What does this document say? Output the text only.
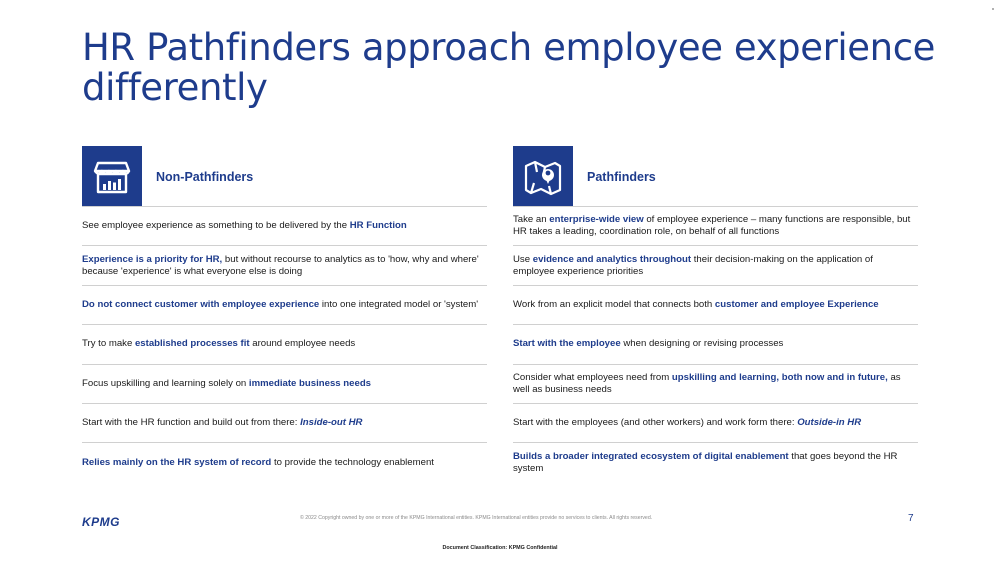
HR Pathfinders approach employee experience differently
Non-Pathfinders
See employee experience as something to be delivered by the HR Function
Experience is a priority for HR, but without recourse to analytics as to 'how, why and where' because 'experience' is what everyone else is doing
Do not connect customer with employee experience into one integrated model or 'system'
Try to make established processes fit around employee needs
Focus upskilling and learning solely on immediate business needs
Start with the HR function and build out from there: Inside-out HR
Relies mainly on the HR system of record to provide the technology enablement
Pathfinders
Take an enterprise-wide view of employee experience – many functions are responsible, but HR takes a leading, coordination role, on behalf of all functions
Use evidence and analytics throughout their decision-making on the application of employee experience priorities
Work from an explicit model that connects both customer and employee Experience
Start with the employee when designing or revising processes
Consider what employees need from upskilling and learning, both now and in future, as well as business needs
Start with the employees (and other workers) and work form there: Outside-in HR
Builds a broader integrated ecosystem of digital enablement that goes beyond the HR system
KPMG	© 2022 Copyright owned by one or more of the KPMG International entities. KPMG International entities provide no services to clients. All rights reserved.	7
Document Classification: KPMG Confidential
